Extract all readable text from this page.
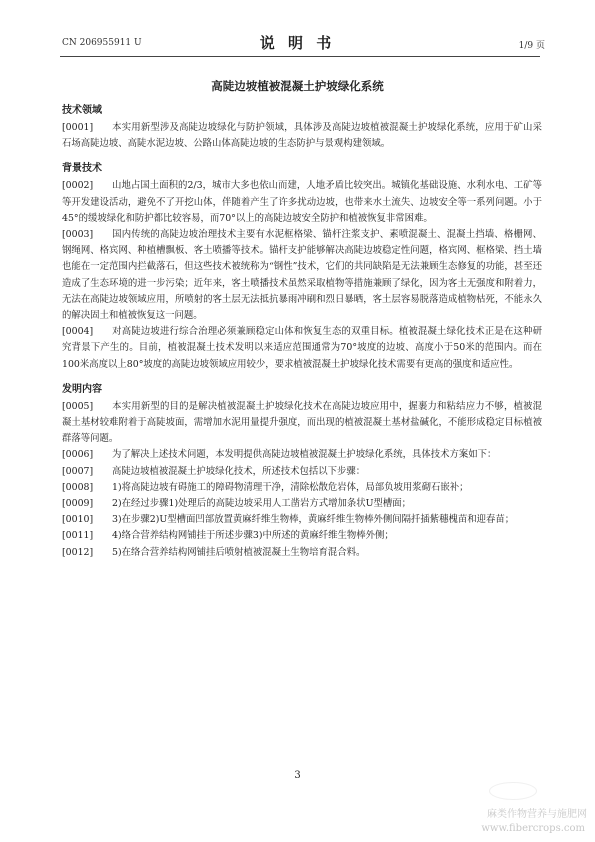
CN 206955911 U	说 明 书	1/9 页
高陡边坡植被混凝土护坡绿化系统
技术领域

[0001] 本实用新型涉及高陡边坡绿化与防护领域，具体涉及高陡边坡植被混凝土护坡绿化系统，应用于矿山采石场高陡边坡、高陡水泥边坡、公路山体高陡边坡的生态防护与景观构建领域。

背景技术

[0002] 山地占国土面积的2/3，城市大多也依山而建，人地矛盾比较突出。城镇化基础设施、水利水电、工矿等等开发建设活动，避免不了开挖山体，伴随着产生了许多扰动边坡，也带来水土流失、边坡安全等一系列问题。小于45°的缓坡绿化和防护都比较容易，而70°以上的高陡边坡安全防护和植被恢复非常困难。

[0003] 国内传统的高陡边坡治理技术主要有水泥框格梁、锚杆注浆支护、素喷混凝土、混凝土挡墙、格栅网、钢绳网、格宾网、种植槽飘板、客土喷播等技术。锚杆支护能够解决高陡边坡稳定性问题，格宾网、框格梁、挡土墙也能在一定范围内拦截落石，但这些技术被统称为“钢性”技术，它们的共同缺陷是无法兼顾生态修复的功能，甚至还造成了生态环境的进一步污染；近年来，客土喷播技术虽然采取植物等措施兼顾了绿化，因为客土无强度和附着力，无法在高陡边坡领域应用，所喷射的客土层无法抵抗暴雨冲刷和烈日暴晒，客土层容易脱落造成植物枯死，不能永久的解决固土和植被恢复这一问题。

[0004] 对高陡边坡进行综合治理必须兼顾稳定山体和恢复生态的双重目标。植被混凝土绿化技术正是在这种研究背景下产生的。目前，植被混凝土技术发明以来适应范围通常为70°坡度的边坡、高度小于50米的范围内。而在100米高度以上80°坡度的高陡边坡领域应用较少，要求植被混凝土护坡绿化技术需要有更高的强度和适应性。

发明内容

[0005] 本实用新型的目的是解决植被混凝土护坡绿化技术在高陡边坡应用中，握裹力和粘结应力不够，植被混凝土基材较难附着于高陡坡面，需增加水泥用量提升强度，而出现的植被混凝土基材盐碱化，不能形成稳定目标植被群落等问题。

[0006] 为了解决上述技术问题，本发明提供高陡边坡植被混凝土护坡绿化系统，具体技术方案如下：

[0007] 高陡边坡植被混凝土护坡绿化技术，所述技术包括以下步骤：

[0008] 1)将高陡边坡有碍施工的障碍物清理干净，清除松散危岩体，局部负坡用浆砌石嵌补；

[0009] 2)在经过步骤1)处理后的高陡边坡采用人工凿岩方式增加条状U型槽面；

[0010] 3)在步骤2)U型槽面凹部放置黄麻纤维生物棒，黄麻纤维生物棒外侧间隔扦插紫穗槐苗和迎春苗；

[0011] 4)络合营养结构网铺挂于所述步骤3)中所述的黄麻纤维生物棒外侧；

[0012] 5)在络合营养结构网铺挂后喷射植被混凝土生物培育混合料。

3
麻类作物营养与施肥网
www.fibercrops.com
